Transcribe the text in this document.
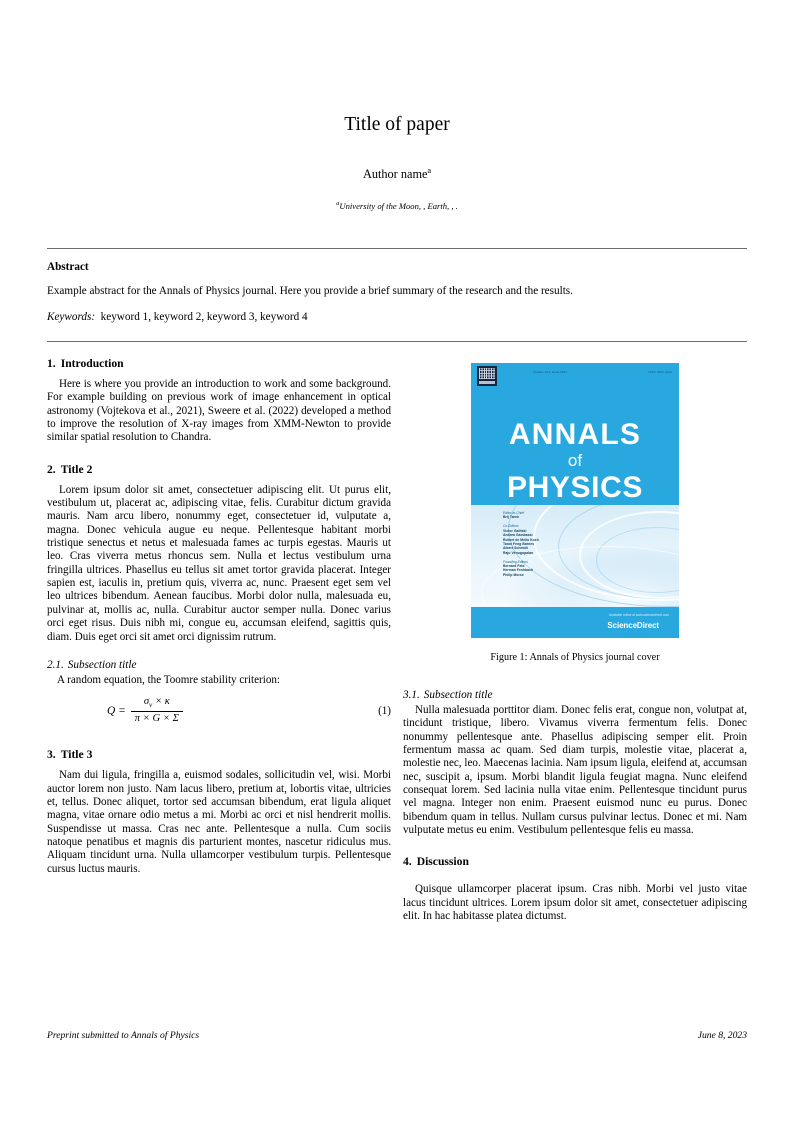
Title of paper
Author name$^a$
$^a$University of the Moon, , Earth, , .

Abstract

Example abstract for the Annals of Physics journal. Here you provide a brief summary of the research and the results.

Keywords: keyword 1, keyword 2, keyword 3, keyword 4

1. Introduction

Here is where you provide an introduction to work and some background. For example building on previous work of image enhancement in optical astronomy (Vojtekova et al., 2021), Sweere et al. (2022) developed a method to improve the resolution of X-ray images from XMM-Newton to provide similar spatial resolution to Chandra.

2. Title 2

Lorem ipsum dolor sit amet, consectetuer adipiscing elit. Ut purus elit, vestibulum ut, placerat ac, adipiscing vitae, felis. Curabitur dictum gravida mauris. Nam arcu libero, nonummy eget, consectetuer id, vulputate a, magna. Donec vehicula augue eu neque. Pellentesque habitant morbi tristique senectus et netus et malesuada fames ac turpis egestas. Mauris ut leo. Cras viverra metus rhoncus sem. Nulla et lectus vestibulum urna fringilla ultrices. Phasellus eu tellus sit amet tortor gravida placerat. Integer sapien est, iaculis in, pretium quis, viverra ac, nunc. Praesent eget sem vel leo ultrices bibendum. Aenean faucibus. Morbi dolor nulla, malesuada eu, pulvinar at, mollis ac, nulla. Curabitur auctor semper nulla. Donec varius orci eget risus. Duis nibh mi, congue eu, accumsan eleifend, sagittis quis, diam. Duis eget orci sit amet orci dignissim rutrum.

2.1. Subsection title

A random equation, the Toomre stability criterion:

$Q = \frac{\sigma_v \times \kappa}{\pi \times G \times \Sigma}$	(1)
3. Title 3

Nam dui ligula, fringilla a, euismod sodales, sollicitudin vel, wisi. Morbi auctor lorem non justo. Nam lacus libero, pretium at, lobortis vitae, ultricies et, tellus. Donec aliquet, tortor sed accumsan bibendum, erat ligula aliquet magna, vitae ornare odio metus a mi. Morbi ac orci et nisl hendrerit mollis. Suspendisse ut massa. Cras nec ante. Pellentesque a nulla. Cum sociis natoque penatibus et magnis dis parturient montes, nascetur ridiculus mus. Aliquam tincidunt urna. Nulla ullamcorper vestibulum turpis. Pellentesque cursus luctus mauris.

Volume 452, Issue 2023	ISSN 0003-4916
ANNALS
of
PHYSICS
Editor-in-Chief
Brij Tarek
Co-Editors
Victor Galitski
Andrea Gambassi
Robert de Mello Koch
Tanoi Feng Barnes
Albert Schmidt
Raju Venugopalan
Founding Editors
Bernard Feld
Herman Feshbach
Philip Morse
Available online at www.sciencedirect.com
ScienceDirect
Figure 1: Annals of Physics journal cover
3.1. Subsection title

Nulla malesuada porttitor diam. Donec felis erat, congue non, volutpat at, tincidunt tristique, libero. Vivamus viverra fermentum felis. Donec nonummy pellentesque ante. Phasellus adipiscing semper elit. Proin fermentum massa ac quam. Sed diam turpis, molestie vitae, placerat a, molestie nec, leo. Maecenas lacinia. Nam ipsum ligula, eleifend at, accumsan nec, suscipit a, ipsum. Morbi blandit ligula feugiat magna. Nunc eleifend consequat lorem. Sed lacinia nulla vitae enim. Pellentesque tincidunt purus vel magna. Integer non enim. Praesent euismod nunc eu purus. Donec bibendum quam in tellus. Nullam cursus pulvinar lectus. Donec et mi. Nam vulputate metus eu enim. Vestibulum pellentesque felis eu massa.

4. Discussion

Quisque ullamcorper placerat ipsum. Cras nibh. Morbi vel justo vitae lacus tincidunt ultrices. Lorem ipsum dolor sit amet, consectetuer adipiscing elit. In hac habitasse platea dictumst.

Preprint submitted to Annals of Physics	June 8, 2023
